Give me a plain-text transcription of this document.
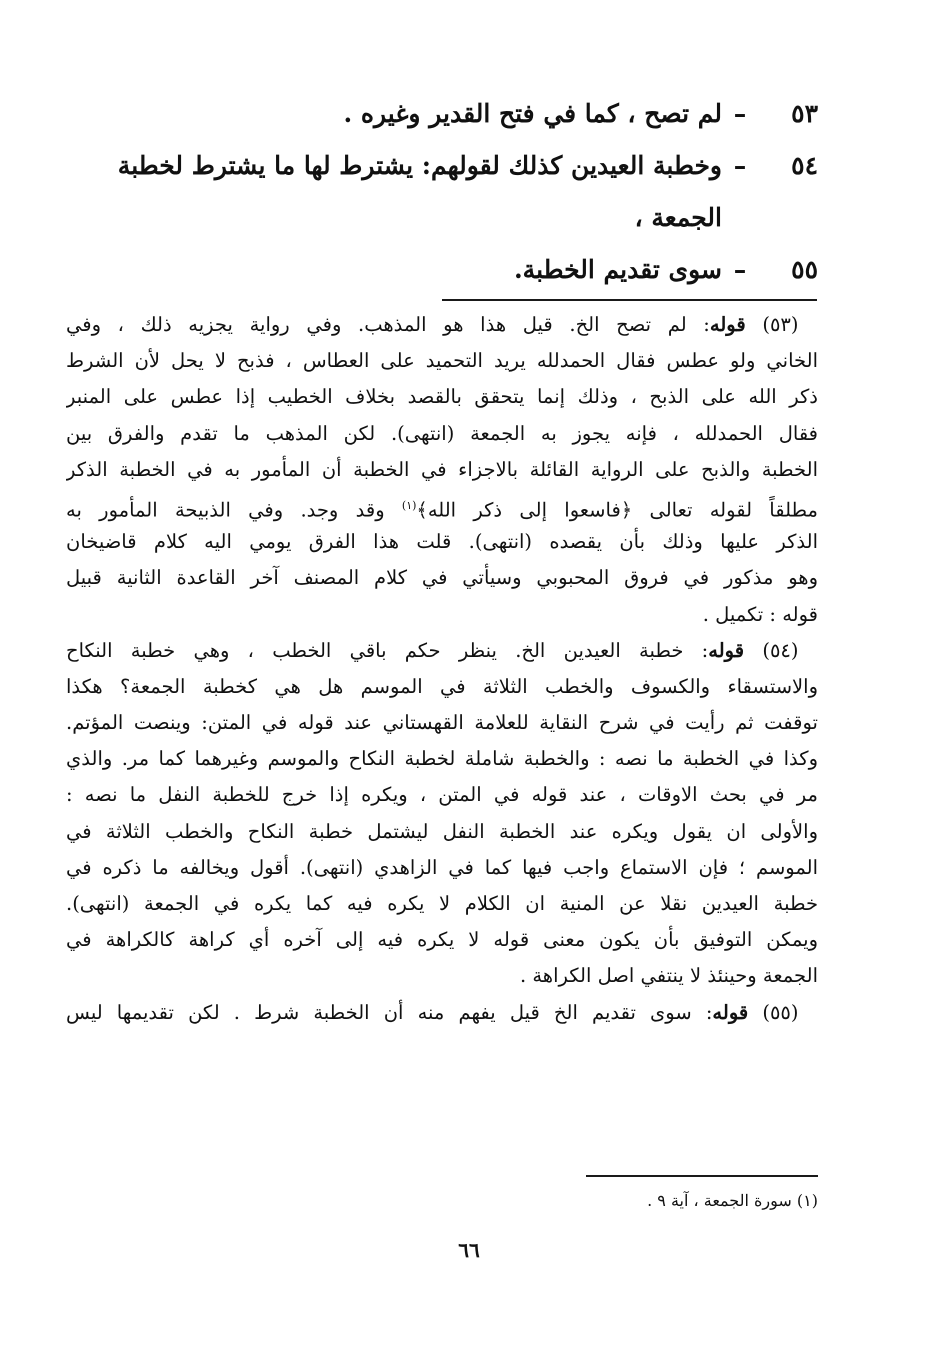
٥٣–لم تصح ، كما في فتح القدير وغيره .
٥٤–وخطبة العيدين كذلك لقولهم: يشترط لها ما يشترط لخطبة
الجمعة ،
٥٥–سوى تقديم الخطبة.
 (٥٣) قوله: لم تصح الخ. قيل هذا هو المذهب. وفي رواية يجزيه ذلك ، وفي
الخاني ولو عطس فقال الحمدلله يريد التحميد على العطاس ، فذبح لا يحل لأن الشرط
ذكر الله على الذبح ، وذلك إنما يتحقق بالقصد بخلاف الخطيب إذا عطس على المنبر
فقال الحمدلله ، فإنه يجوز به الجمعة (انتهى). لكن المذهب ما تقدم والفرق بين
الخطبة والذبح على الرواية القائلة بالاجزاء في الخطبة أن المأمور به في الخطبة الذكر
مطلقاً لقوله تعالى ﴿فاسعوا إلى ذكر الله﴾$^{(١)}$ وقد وجد. وفي الذبيحة المأمور به
الذكر عليها وذلك بأن يقصده (انتهى). قلت هذا الفرق يومي اليه كلام قاضيخان
وهو مذكور في فروق المحبوبي وسيأتي في كلام المصنف آخر القاعدة الثانية قبيل
قوله : تكميل .
 (٥٤) قوله: خطبة العيدين الخ. ينظر حكم باقي الخطب ، وهي خطبة النكاح
والاستسقاء والكسوف والخطب الثلاثة في الموسم هل هي كخطبة الجمعة؟ هكذا
توقفت ثم رأيت في شرح النقاية للعلامة القهستاني عند قوله في المتن: وينصت المؤتم.
وكذا في الخطبة ما نصه : والخطبة شاملة لخطبة النكاح والموسم وغيرهما كما مر. والذي
مر في بحث الاوقات ، عند قوله في المتن ، ويكره إذا خرج للخطبة النفل ما نصه :
والأولى ان يقول ويكره عند الخطبة النفل ليشتمل خطبة النكاح والخطب الثلاثة في
الموسم ؛ فإن الاستماع واجب فيها كما في الزاهدي (انتهى). أقول ويخالفه ما ذكره في
خطبة العيدين نقلا عن المنية ان الكلام لا يكره فيه كما يكره في الجمعة (انتهى).
ويمكن التوفيق بأن يكون معنى قوله لا يكره فيه إلى آخره أي كراهة كالكراهة في
الجمعة وحينئذ لا ينتفي اصل الكراهة .
 (٥٥) قوله: سوى تقديم الخ قيل يفهم منه أن الخطبة شرط . لكن تقديمها ليس
(١) سورة الجمعة ، آية ٩ .
٦٦
